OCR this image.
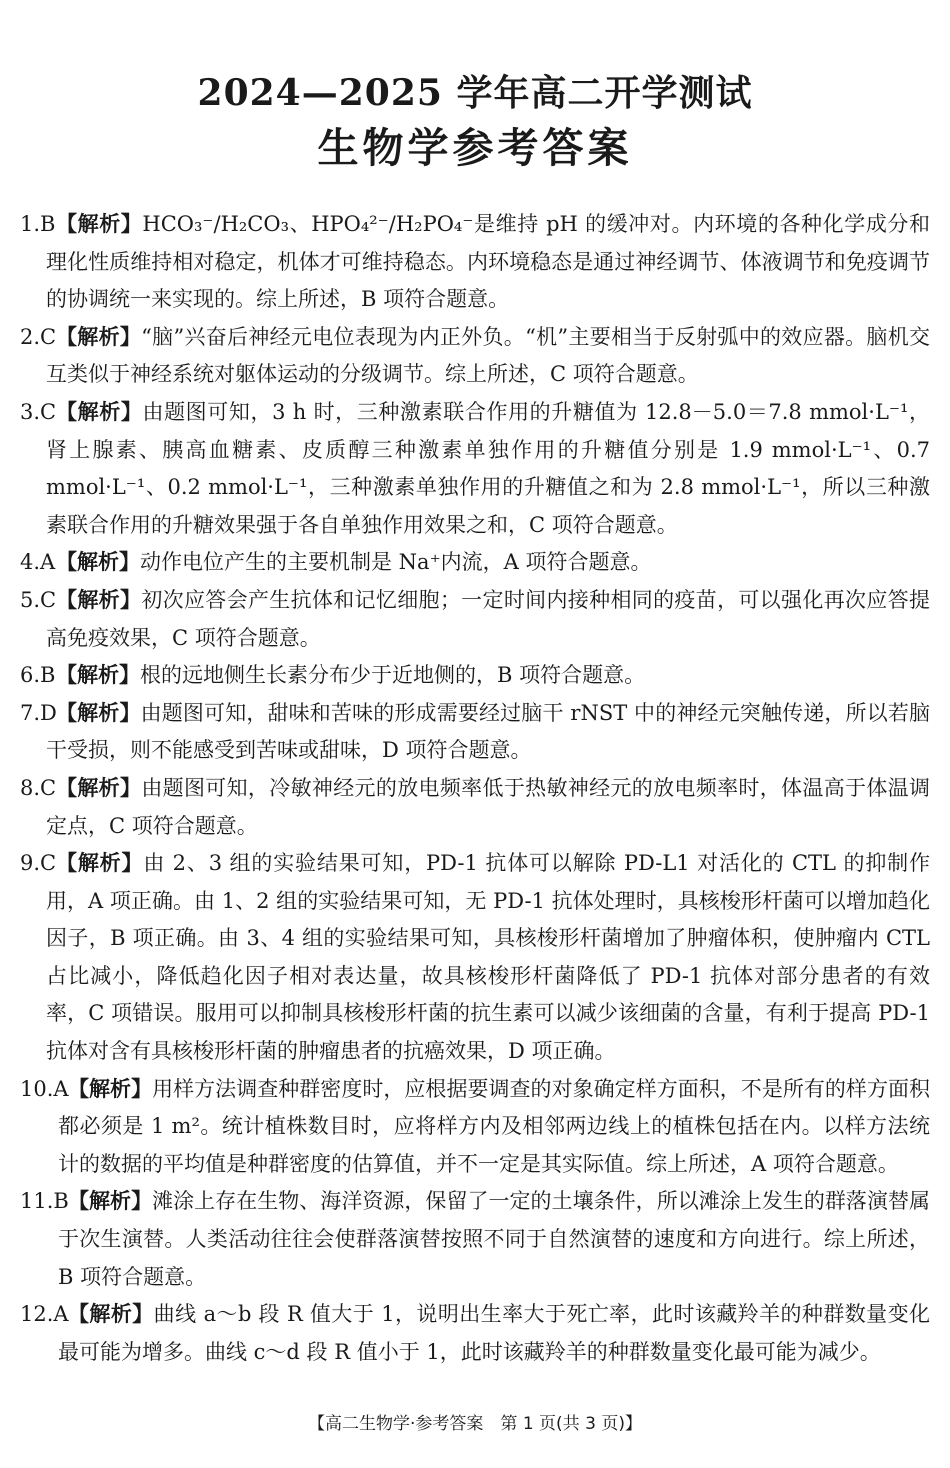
2024—2025 学年高二开学测试
生物学参考答案
1.B 【解析】HCO₃⁻/H₂CO₃、HPO₄²⁻/H₂PO₄⁻是维持 pH 的缓冲对。内环境的各种化学成分和理化性质维持相对稳定，机体才可维持稳态。内环境稳态是通过神经调节、体液调节和免疫调节的协调统一来实现的。综上所述，B 项符合题意。
2.C 【解析】“脑”兴奋后神经元电位表现为内正外负。“机”主要相当于反射弧中的效应器。脑机交互类似于神经系统对躯体运动的分级调节。综上所述，C 项符合题意。
3.C 【解析】由题图可知，3 h 时，三种激素联合作用的升糖值为 12.8－5.0＝7.8 mmol·L⁻¹，肾上腺素、胰高血糖素、皮质醇三种激素单独作用的升糖值分别是 1.9 mmol·L⁻¹、0.7 mmol·L⁻¹、0.2 mmol·L⁻¹，三种激素单独作用的升糖值之和为 2.8 mmol·L⁻¹，所以三种激素联合作用的升糖效果强于各自单独作用效果之和，C 项符合题意。
4.A 【解析】动作电位产生的主要机制是 Na⁺内流，A 项符合题意。
5.C 【解析】初次应答会产生抗体和记忆细胞；一定时间内接种相同的疫苗，可以强化再次应答提高免疫效果，C 项符合题意。
6.B 【解析】根的远地侧生长素分布少于近地侧的，B 项符合题意。
7.D 【解析】由题图可知，甜味和苦味的形成需要经过脑干 rNST 中的神经元突触传递，所以若脑干受损，则不能感受到苦味或甜味，D 项符合题意。
8.C 【解析】由题图可知，冷敏神经元的放电频率低于热敏神经元的放电频率时，体温高于体温调定点，C 项符合题意。
9.C 【解析】由 2、3 组的实验结果可知，PD-1 抗体可以解除 PD-L1 对活化的 CTL 的抑制作用，A 项正确。由 1、2 组的实验结果可知，无 PD-1 抗体处理时，具核梭形杆菌可以增加趋化因子，B 项正确。由 3、4 组的实验结果可知，具核梭形杆菌增加了肿瘤体积，使肿瘤内 CTL 占比减小，降低趋化因子相对表达量，故具核梭形杆菌降低了 PD-1 抗体对部分患者的有效率，C 项错误。服用可以抑制具核梭形杆菌的抗生素可以减少该细菌的含量，有利于提高 PD-1 抗体对含有具核梭形杆菌的肿瘤患者的抗癌效果，D 项正确。
10.A 【解析】用样方法调查种群密度时，应根据要调查的对象确定样方面积，不是所有的样方面积都必须是 1 m²。统计植株数目时，应将样方内及相邻两边线上的植株包括在内。以样方法统计的数据的平均值是种群密度的估算值，并不一定是其实际值。综上所述，A 项符合题意。
11.B 【解析】滩涂上存在生物、海洋资源，保留了一定的土壤条件，所以滩涂上发生的群落演替属于次生演替。人类活动往往会使群落演替按照不同于自然演替的速度和方向进行。综上所述，B 项符合题意。
12.A 【解析】曲线 a～b 段 R 值大于 1，说明出生率大于死亡率，此时该藏羚羊的种群数量变化最可能为增多。曲线 c～d 段 R 值小于 1，此时该藏羚羊的种群数量变化最可能为减少。
【高二生物学·参考答案　第 1 页(共 3 页)】
